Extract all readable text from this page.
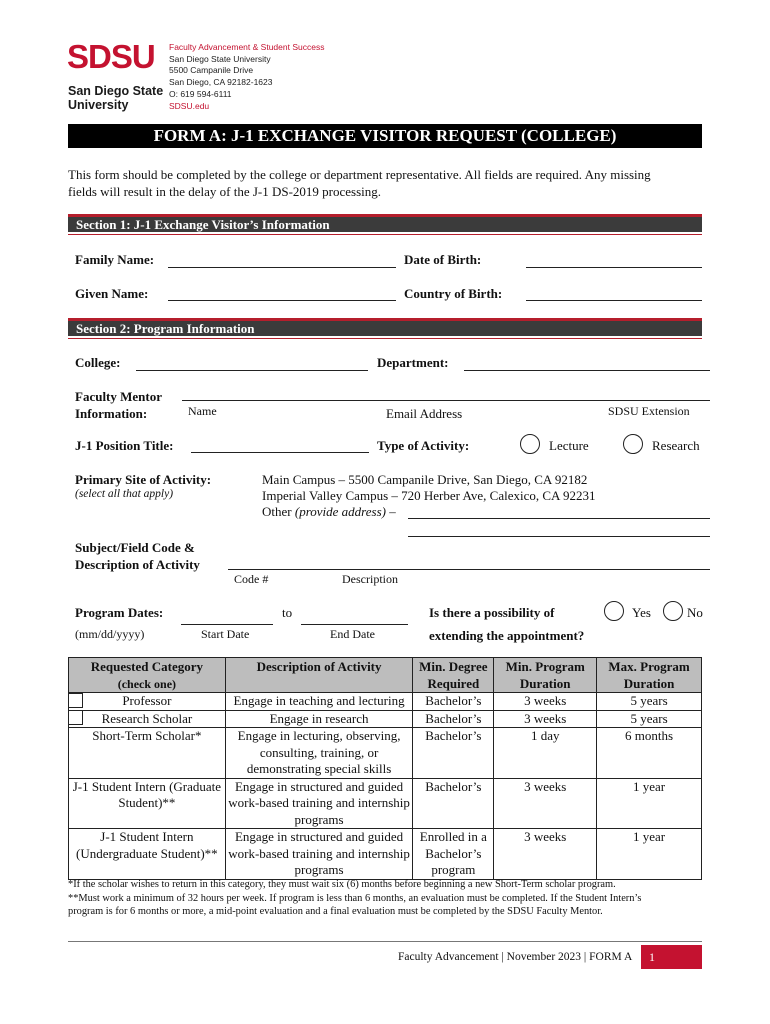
SDSU
San Diego State
University
Faculty Advancement & Student Success
San Diego State University
5500 Campanile Drive
San Diego, CA 92182-1623
O: 619 594-6111
SDSU.edu
FORM A: J-1 EXCHANGE VISITOR REQUEST (COLLEGE)
This form should be completed by the college or department representative. All fields are required. Any missing
fields will result in the delay of the J-1 DS-2019 processing.
Section 1: J-1 Exchange Visitor’s Information
Family Name:	Date of Birth:
Given Name:	Country of Birth:
Section 2: Program Information
College:	Department:
Faculty Mentor
Information:	Name	Email Address	SDSU Extension
J-1 Position Title:	Type of Activity:	Lecture	Research
Primary Site of Activity:
(select all that apply)
Main Campus – 5500 Campanile Drive, San Diego, CA 92182
Imperial Valley Campus – 720 Herber Ave, Calexico, CA 92231
Other (provide address) –
Subject/Field Code &
Description of Activity
Code #	Description
Program Dates:	to
(mm/dd/yyyy)	Start Date	End Date
Is there a possibility of
extending the appointment?
Yes	No
Requested Category
(check one)	Description of Activity	Min. Degree Required	Min. Program Duration	Max. Program Duration
Professor	Engage in teaching and lecturing	Bachelor’s	3 weeks	5 years
Research Scholar	Engage in research	Bachelor’s	3 weeks	5 years
Short-Term Scholar*	Engage in lecturing, observing, consulting, training, or demonstrating special skills	Bachelor’s	1 day	6 months
J-1 Student Intern (Graduate Student)**	Engage in structured and guided work-based training and internship programs	Bachelor’s	3 weeks	1 year
J-1 Student Intern (Undergraduate Student)**	Engage in structured and guided work-based training and internship programs	Enrolled in a Bachelor’s program	3 weeks	1 year
*If the scholar wishes to return in this category, they must wait six (6) months before beginning a new Short-Term scholar program.
**Must work a minimum of 32 hours per week. If program is less than 6 months, an evaluation must be completed. If the Student Intern’s
program is for 6 months or more, a mid-point evaluation and a final evaluation must be completed by the SDSU Faculty Mentor.
Faculty Advancement | November 2023 | FORM A	1
